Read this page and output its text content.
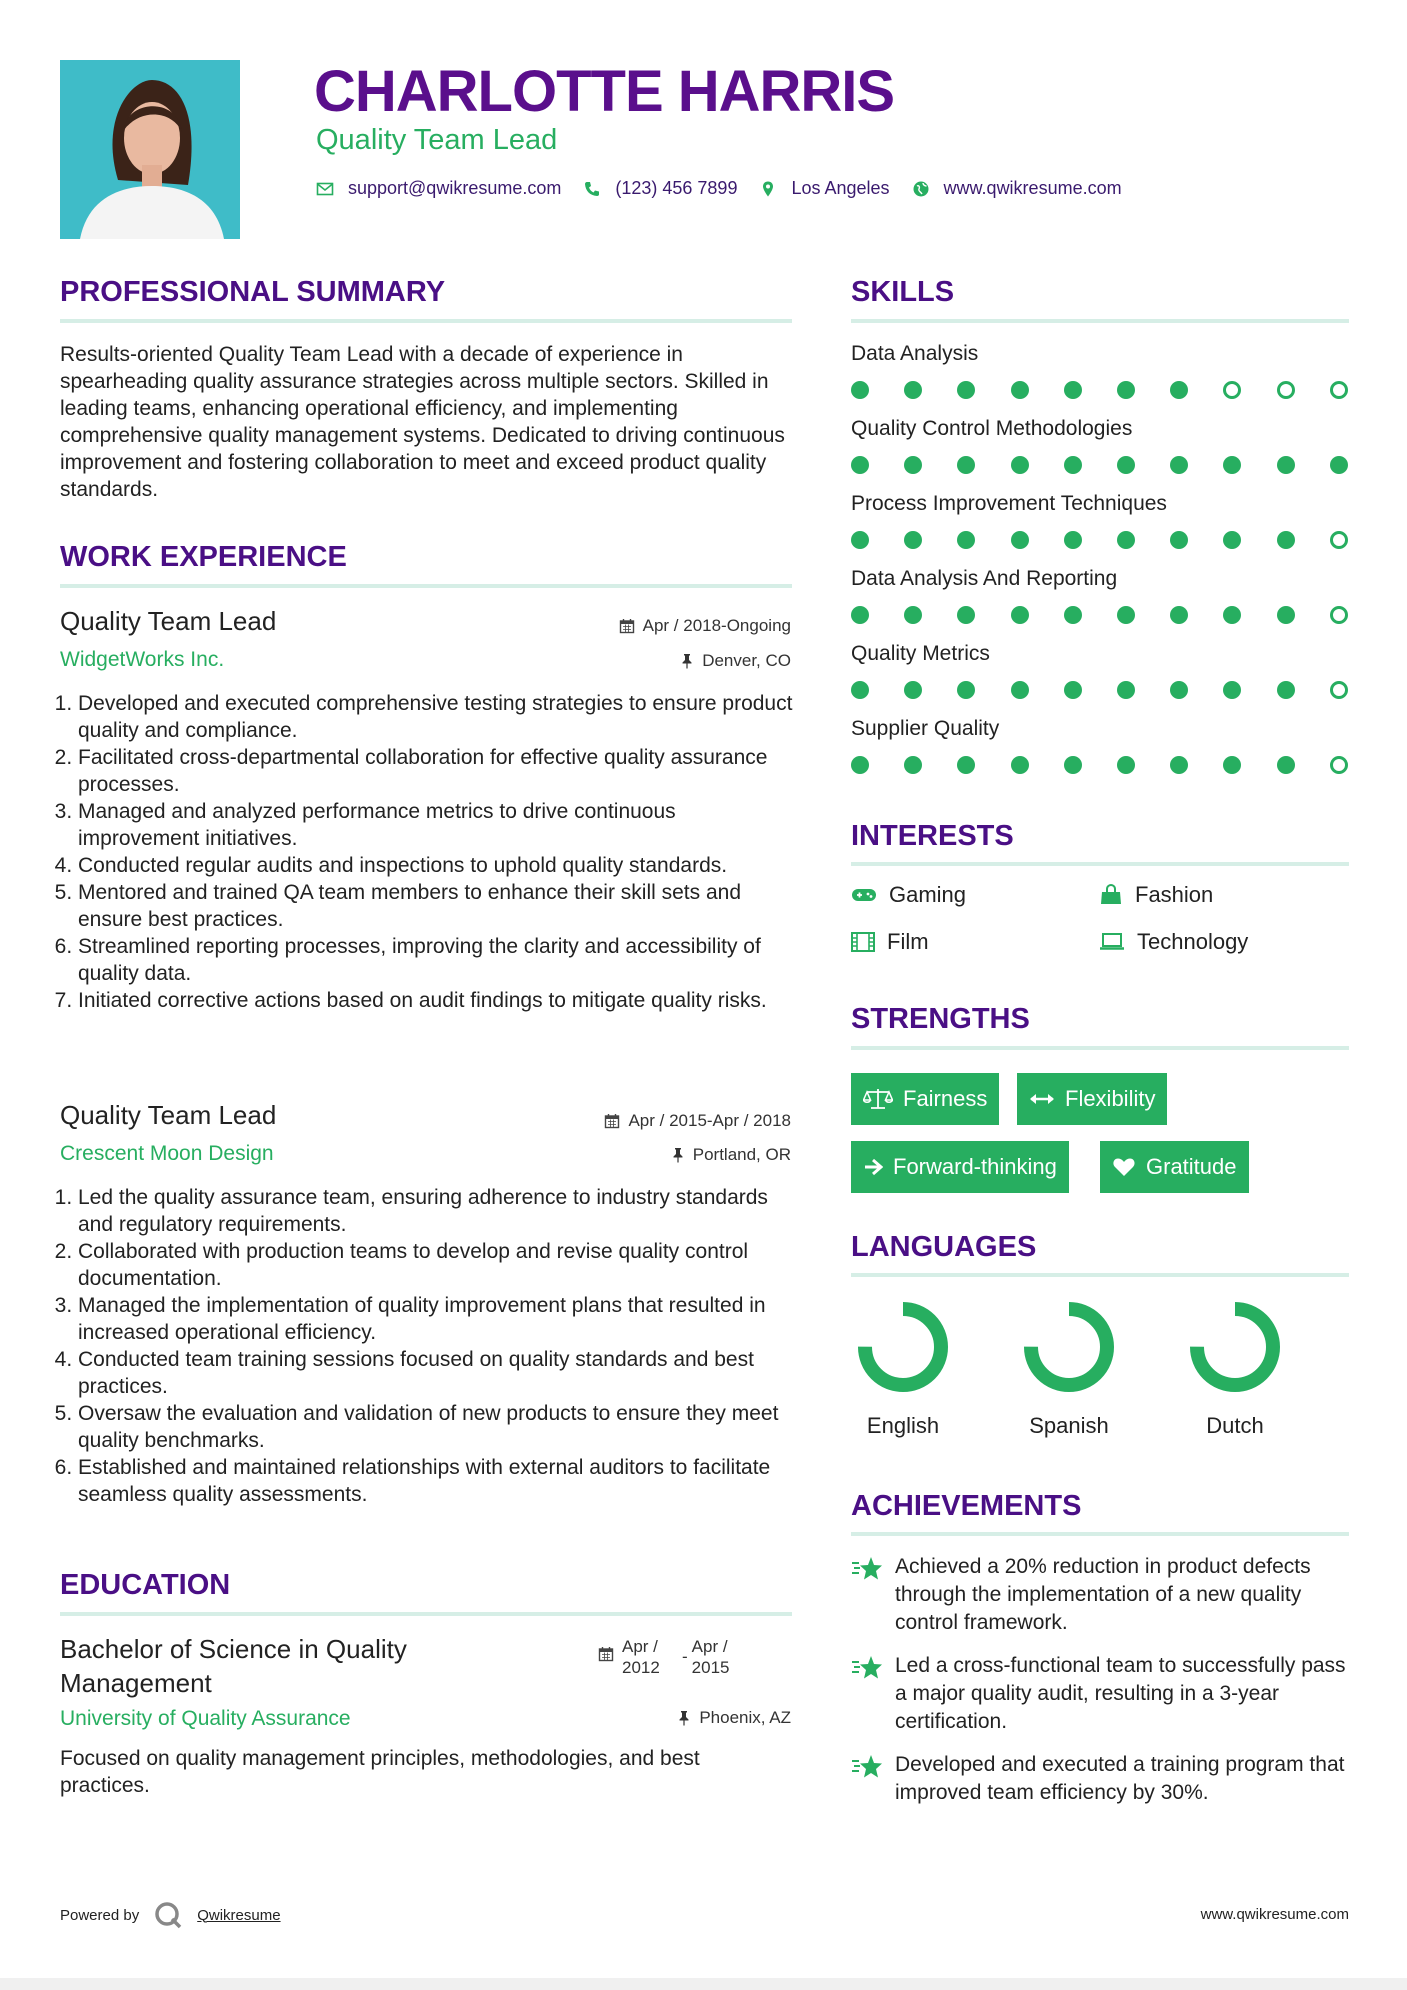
CHARLOTTE HARRIS
Quality Team Lead
support@qwikresume.com	(123) 456 7899	Los Angeles	www.qwikresume.com
PROFESSIONAL SUMMARY
Results-oriented Quality Team Lead with a decade of experience in spearheading quality assurance strategies across multiple sectors. Skilled in leading teams, enhancing operational efficiency, and implementing comprehensive quality management systems. Dedicated to driving continuous improvement and fostering collaboration to meet and exceed product quality standards.
WORK EXPERIENCE
Quality Team Lead	Apr / 2018-Ongoing
WidgetWorks Inc.	Denver, CO
1. Developed and executed comprehensive testing strategies to ensure product quality and compliance.
2. Facilitated cross-departmental collaboration for effective quality assurance processes.
3. Managed and analyzed performance metrics to drive continuous improvement initiatives.
4. Conducted regular audits and inspections to uphold quality standards.
5. Mentored and trained QA team members to enhance their skill sets and ensure best practices.
6. Streamlined reporting processes, improving the clarity and accessibility of quality data.
7. Initiated corrective actions based on audit findings to mitigate quality risks.
Quality Team Lead	Apr / 2015-Apr / 2018
Crescent Moon Design	Portland, OR
1. Led the quality assurance team, ensuring adherence to industry standards and regulatory requirements.
2. Collaborated with production teams to develop and revise quality control documentation.
3. Managed the implementation of quality improvement plans that resulted in increased operational efficiency.
4. Conducted team training sessions focused on quality standards and best practices.
5. Oversaw the evaluation and validation of new products to ensure they meet quality benchmarks.
6. Established and maintained relationships with external auditors to facilitate seamless quality assessments.
EDUCATION
Bachelor of Science in Quality Management
Apr / 2012
-
Apr / 2015
University of Quality Assurance	Phoenix, AZ
Focused on quality management principles, methodologies, and best practices.
SKILLS
Data Analysis
Quality Control Methodologies
Process Improvement Techniques
Data Analysis And Reporting
Quality Metrics
Supplier Quality
INTERESTS
Gaming	Fashion
Film	Technology
STRENGTHS
Fairness	Flexibility
Forward-thinking	Gratitude
LANGUAGES
English	Spanish	Dutch
ACHIEVEMENTS
Achieved a 20% reduction in product defects through the implementation of a new quality control framework.
Led a cross-functional team to successfully pass a major quality audit, resulting in a 3-year certification.
Developed and executed a training program that improved team efficiency by 30%.
Powered by	Qwikresume	www.qwikresume.com
